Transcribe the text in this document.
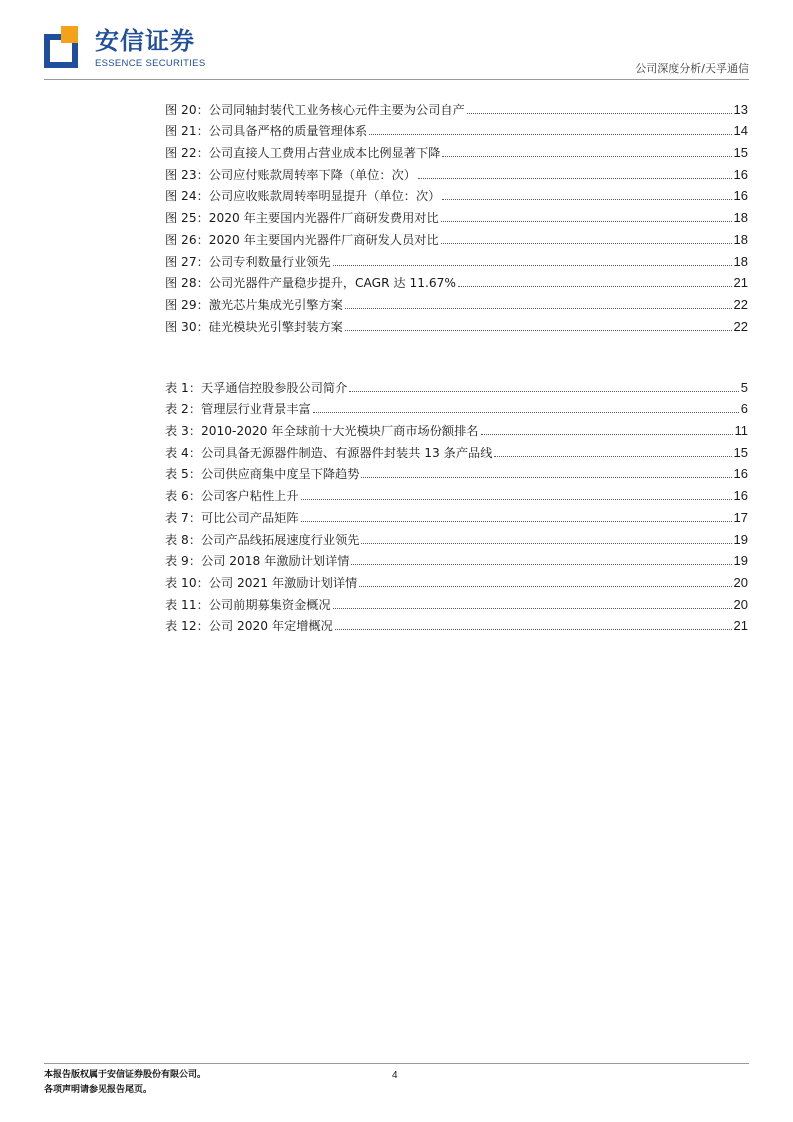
安信证券
ESSENCE SECURITIES	公司深度分析/天孚通信
图 20：公司同轴封装代工业务核心元件主要为公司自产	13
图 21：公司具备严格的质量管理体系	14
图 22：公司直接人工费用占营业成本比例显著下降	15
图 23：公司应付账款周转率下降（单位：次）	16
图 24：公司应收账款周转率明显提升（单位：次）	16
图 25：2020 年主要国内光器件厂商研发费用对比	18
图 26：2020 年主要国内光器件厂商研发人员对比	18
图 27：公司专利数量行业领先	18
图 28：公司光器件产量稳步提升，CAGR 达 11.67%	21
图 29：激光芯片集成光引擎方案	22
图 30：硅光模块光引擎封装方案	22
表 1：天孚通信控股参股公司简介	5
表 2：管理层行业背景丰富	6
表 3：2010-2020 年全球前十大光模块厂商市场份额排名	11
表 4：公司具备无源器件制造、有源器件封装共 13 条产品线	15
表 5：公司供应商集中度呈下降趋势	16
表 6：公司客户粘性上升	16
表 7：可比公司产品矩阵	17
表 8：公司产品线拓展速度行业领先	19
表 9：公司 2018 年激励计划详情	19
表 10：公司 2021 年激励计划详情	20
表 11：公司前期募集资金概况	20
表 12：公司 2020 年定增概况	21
本报告版权属于安信证券股份有限公司。
各项声明请参见报告尾页。
4
